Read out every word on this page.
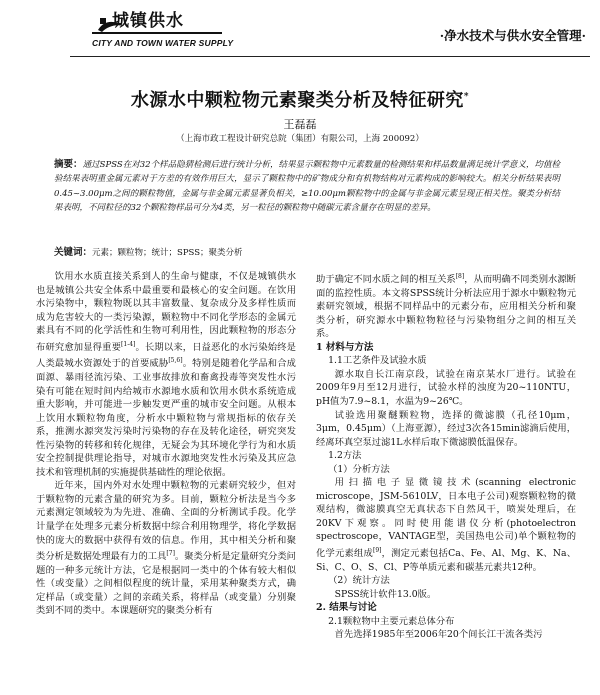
城镇供水
CITY AND TOWN WATER SUPPLY	·净水技术与供水安全管理·
水源水中颗粒物元素聚类分析及特征研究*
王磊磊
（上海市政工程设计研究总院（集团）有限公司，上海 200092）
摘要：通过SPSS在对32个样品隐猜检测后进行统计分析，结果显示颗粒物中元素数量的检测结果和样品数量满足统计学意义，均值检验结果表明重金属元素对于方差的有效作用巨大，显示了颗粒物中的矿物成分和有机物结构对元素构成的影响较大。相关分析结果表明0.45~3.00μm之间的颗粒物值，金属与非金属元素显著负相关，≥10.00μm颗粒物中的金属与非金属元素呈现正相关性。聚类分析结果表明，不同粒径的32个颗粒物样品可分为4类，另一粒径的颗粒物中随碳元素含量存在明显的差异。
关键词：元素；颗粒物；统计；SPSS；聚类分析

饮用水水质直接关系到人的生命与健康，不仅是城镇供水也是城镇公共安全体系中最重要和最核心的安全问题。在饮用水污染物中，颗粒物既以其丰富数量、复杂成分及多样性质而成为危害较大的一类污染源，颗粒物中不同化学形态的金属元素具有不同的化学活性和生物可利用性，因此颗粒物的形态分布研究愈加显得重要[1-4]。长期以来，日益恶化的水污染始终是人类最城水资源处于的首要威胁[5,6]。特别是随着化学品和合成面源、暴雨径流污染、工业事故排放和畜禽投毒等突发性水污染有可能在短时间内给城市水源地水质和饮用水供水系统造成重大影响，并可能进一步触发更严重的城市安全问题。从根本上饮用水颗粒物角度，分析水中颗粒物与常规指标的依存关系，推测水源突发污染时污染物的存在及转化途径，研究突发性污染物的转移和转化规律，无疑会为其环境化学行为和水质安全控制提供理论指导，对城市水源地突发性水污染及其应急技术和管理机制的实施提供基础性的理论依据。

近年来，国内外对水处理中颗粒物的元素研究较少，但对于颗粒物的元素含量的研究为多。目前，颗粒分析法是当今多元素测定领域较为为先进、准确、全面的分析测试手段。化学计量学在处理多元素分析数据中综合利用物理学，将化学数据快的庞大的数据中获得有效的信息。作用，其中相关分析和聚类分析是数据处理最有力的工具[7]。聚类分析是定量研究分类问题的一种多元统计方法，它是根据同一类中的个体有较大相似性（或变量）之间相似程度的统计量，采用某种聚类方式，确定样品（或变量）之间的亲疏关系，将样品（或变量）分别聚类到不同的类中。本课题研究的聚类分析有

助于确定不同水质之间的相互关系[8]，从而明确不同类别水源断面的监控性质。本文将SPSS统计分析法应用于源水中颗粒物元素研究领域，根据不同样品中的元素分布，应用相关分析和聚类分析，研究源水中颗粒物粒径与污染物组分之间的相互关系。

1 材料与方法
1.1工艺条件及试验水质

源水取自长江南京段，试验在南京某水厂进行。试验在2009年9月至12月进行，试验水样的浊度为20~110NTU，pH值为7.9~8.1，水温为9~26℃。

试验选用聚醚颗粒物，选择的微滤膜（孔径10μm，3μm，0.45μm）（上海亚源），经过3次各15min滤滴后使用，经离环真空泵过滤1L水样后取下微滤膜低温保存。

1.2方法
（1）分析方法

用扫描电子显微镜技术(scanning electronic microscope，JSM-5610LV，日本电子公司)观察颗粒物的微观结构，微滤膜真空无真状态下自然风干，喷炭处理后，在20KV下观察。同时使用能谱仪分析(photoelectron spectroscope，VANTAGE型，美国热电公司)单个颗粒物的化学元素组成[9]，测定元素包括Ca、Fe、Al、Mg、K、Na、Si、C、O、S、Cl、P等单质元素和碳基元素共12种。

（2）统计方法

SPSS统计软件13.0版。

2. 结果与讨论
2.1颗粒物中主要元素总体分布

首先选择1985年至2006年20个间长江干流各类污
